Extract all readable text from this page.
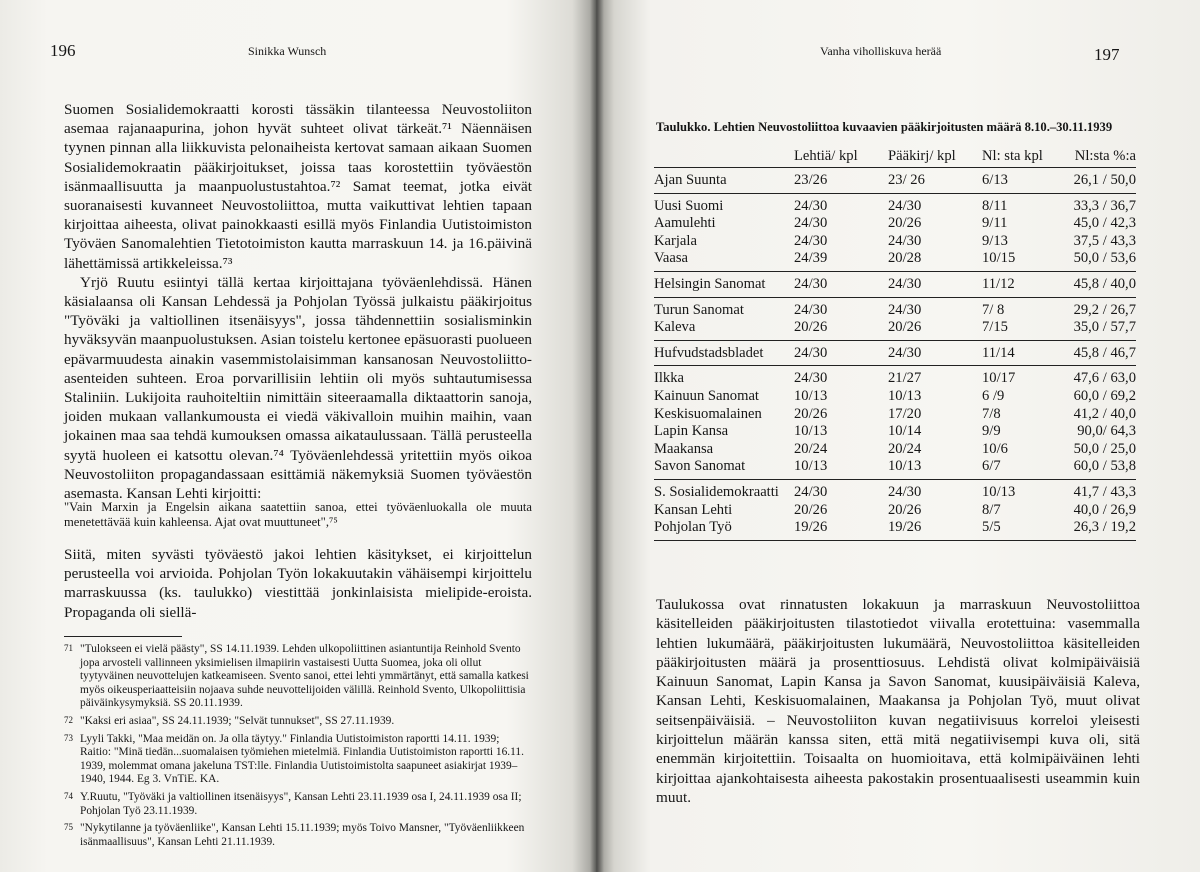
196	Sinikka Wunsch

Suomen Sosialidemokraatti korosti tässäkin tilanteessa Neuvostoliiton asemaa rajanaapurina, johon hyvät suhteet olivat tärkeät.⁷¹ Näennäisen tyynen pinnan alla liikkuvista pelonaiheista kertovat samaan aikaan Suomen Sosialidemokraatin pääkirjoitukset, joissa taas korostettiin työväestön isänmaallisuutta ja maanpuolustustahtoa.⁷² Samat teemat, jotka eivät suoranaisesti kuvanneet Neuvostoliittoa, mutta vaikuttivat lehtien tapaan kirjoittaa aiheesta, olivat painokkaasti esillä myös Finlandia Uutistoimiston Työväen Sanomalehtien Tietotoimiston kautta marraskuun 14. ja 16.päivinä lähettämissä artikkeleissa.⁷³

Yrjö Ruutu esiintyi tällä kertaa kirjoittajana työväenlehdissä. Hänen käsialaansa oli Kansan Lehdessä ja Pohjolan Työssä julkaistu pääkirjoitus "Työväki ja valtiollinen itsenäisyys", jossa tähdennettiin sosialisminkin hyväksyvän maanpuolustuksen. Asian toistelu kertonee epäsuorasti puolueen epävarmuudesta ainakin vasemmistolaisimman kansanosan Neuvostoliitto-asenteiden suhteen. Eroa porvarillisiin lehtiin oli myös suhtautumisessa Staliniin. Lukijoita rauhoiteltiin nimittäin siteeraamalla diktaattorin sanoja, joiden mukaan vallankumousta ei viedä väkivalloin muihin maihin, vaan jokainen maa saa tehdä kumouksen omassa aikataulussaan. Tällä perusteella syytä huoleen ei katsottu olevan.⁷⁴ Työväenlehdessä yritettiin myös oikoa Neuvostoliiton propagandassaan esittämiä näkemyksiä Suomen työväestön asemasta. Kansan Lehti kirjoitti:

"Vain Marxin ja Engelsin aikana saatettiin sanoa, ettei työväenluokalla ole muuta menetettävää kuin kahleensa. Ajat ovat muuttuneet",⁷⁵
Siitä, miten syvästi työväestö jakoi lehtien käsitykset, ei kirjoittelun perusteella voi arvioida. Pohjolan Työn lokakuutakin vähäisempi kirjoittelu marraskuussa (ks. taulukko) viestittää jonkinlaisista mielipide-eroista. Propaganda oli siellä-
71 "Tulokseen ei vielä päästy", SS 14.11.1939. Lehden ulkopoliittinen asiantuntija Reinhold Svento jopa arvosteli vallinneen yksimielisen ilmapiirin vastaisesti Uutta Suomea, joka oli ollut tyytyväinen neuvottelujen katkeamiseen. Svento sanoi, ettei lehti ymmärtänyt, että samalla katkesi myös oikeusperiaatteisiin nojaava suhde neuvottelijoiden välillä. Reinhold Svento, Ulkopoliittisia päiväinkysymyksiä. SS 20.11.1939.
72 "Kaksi eri asiaa", SS 24.11.1939; "Selvät tunnukset", SS 27.11.1939.
73 Lyyli Takki, "Maa meidän on. Ja olla täytyy." Finlandia Uutistoimiston raportti 14.11. 1939; Raitio: "Minä tiedän...suomalaisen työmiehen mietelmiä. Finlandia Uutistoimiston raportti 16.11. 1939, molemmat omana jakeluna TST:lle. Finlandia Uutistoimistolta saapuneet asiakirjat 1939–1940, 1944. Eg 3. VnTiE. KA.
74 Y.Ruutu, "Työväki ja valtiollinen itsenäisyys", Kansan Lehti 23.11.1939 osa I, 24.11.1939 osa II; Pohjolan Työ 23.11.1939.
75 "Nykytilanne ja työväenliike", Kansan Lehti 15.11.1939; myös Toivo Mansner, "Työväenliikkeen isänmaallisuus", Kansan Lehti 21.11.1939.
Vanha viholliskuva herää	197
Taulukko. Lehtien Neuvostoliittoa kuvaavien pääkirjoitusten määrä 8.10.–30.11.1939
	Lehtiä/ kpl	Pääkirj/ kpl	Nl: sta kpl	Nl:sta %:a
Ajan Suunta	23/26	23/ 26	6/13	26,1 / 50,0
Uusi Suomi	24/30	24/30	8/11	33,3 / 36,7
Aamulehti	24/30	20/26	9/11	45,0 / 42,3
Karjala	24/30	24/30	9/13	37,5 / 43,3
Vaasa	24/39	20/28	10/15	50,0 / 53,6
Helsingin Sanomat	24/30	24/30	11/12	45,8 / 40,0
Turun Sanomat	24/30	24/30	7/ 8	29,2 / 26,7
Kaleva	20/26	20/26	7/15	35,0 / 57,7
Hufvudstadsbladet	24/30	24/30	11/14	45,8 / 46,7
Ilkka	24/30	21/27	10/17	47,6 / 63,0
Kainuun Sanomat	10/13	10/13	6 /9	60,0 / 69,2
Keskisuomalainen	20/26	17/20	7/8	41,2 / 40,0
Lapin Kansa	10/13	10/14	9/9	90,0/ 64,3
Maakansa	20/24	20/24	10/6	50,0 / 25,0
Savon Sanomat	10/13	10/13	6/7	60,0 / 53,8
S. Sosialidemokraatti	24/30	24/30	10/13	41,7 / 43,3
Kansan Lehti	20/26	20/26	8/7	40,0 / 26,9
Pohjolan Työ	19/26	19/26	5/5	26,3 / 19,2
Taulukossa ovat rinnatusten lokakuun ja marraskuun Neuvostoliittoa käsitelleiden pääkirjoitusten tilastotiedot viivalla erotettuina: vasemmalla lehtien lukumäärä, pääkirjoitusten lukumäärä, Neuvostoliittoa käsitelleiden pääkirjoitusten määrä ja prosenttiosuus. Lehdistä olivat kolmipäiväisiä Kainuun Sanomat, Lapin Kansa ja Savon Sanomat, kuusipäiväisiä Kaleva, Kansan Lehti, Keskisuomalainen, Maakansa ja Pohjolan Työ, muut olivat seitsenpäiväisiä. – Neuvostoliiton kuvan negatiivisuus korreloi yleisesti kirjoittelun määrän kanssa siten, että mitä negatiivisempi kuva oli, sitä enemmän kirjoitettiin. Toisaalta on huomioitava, että kolmipäiväinen lehti kirjoittaa ajankohtaisesta aiheesta pakostakin prosentuaalisesti useammin kuin muut.
